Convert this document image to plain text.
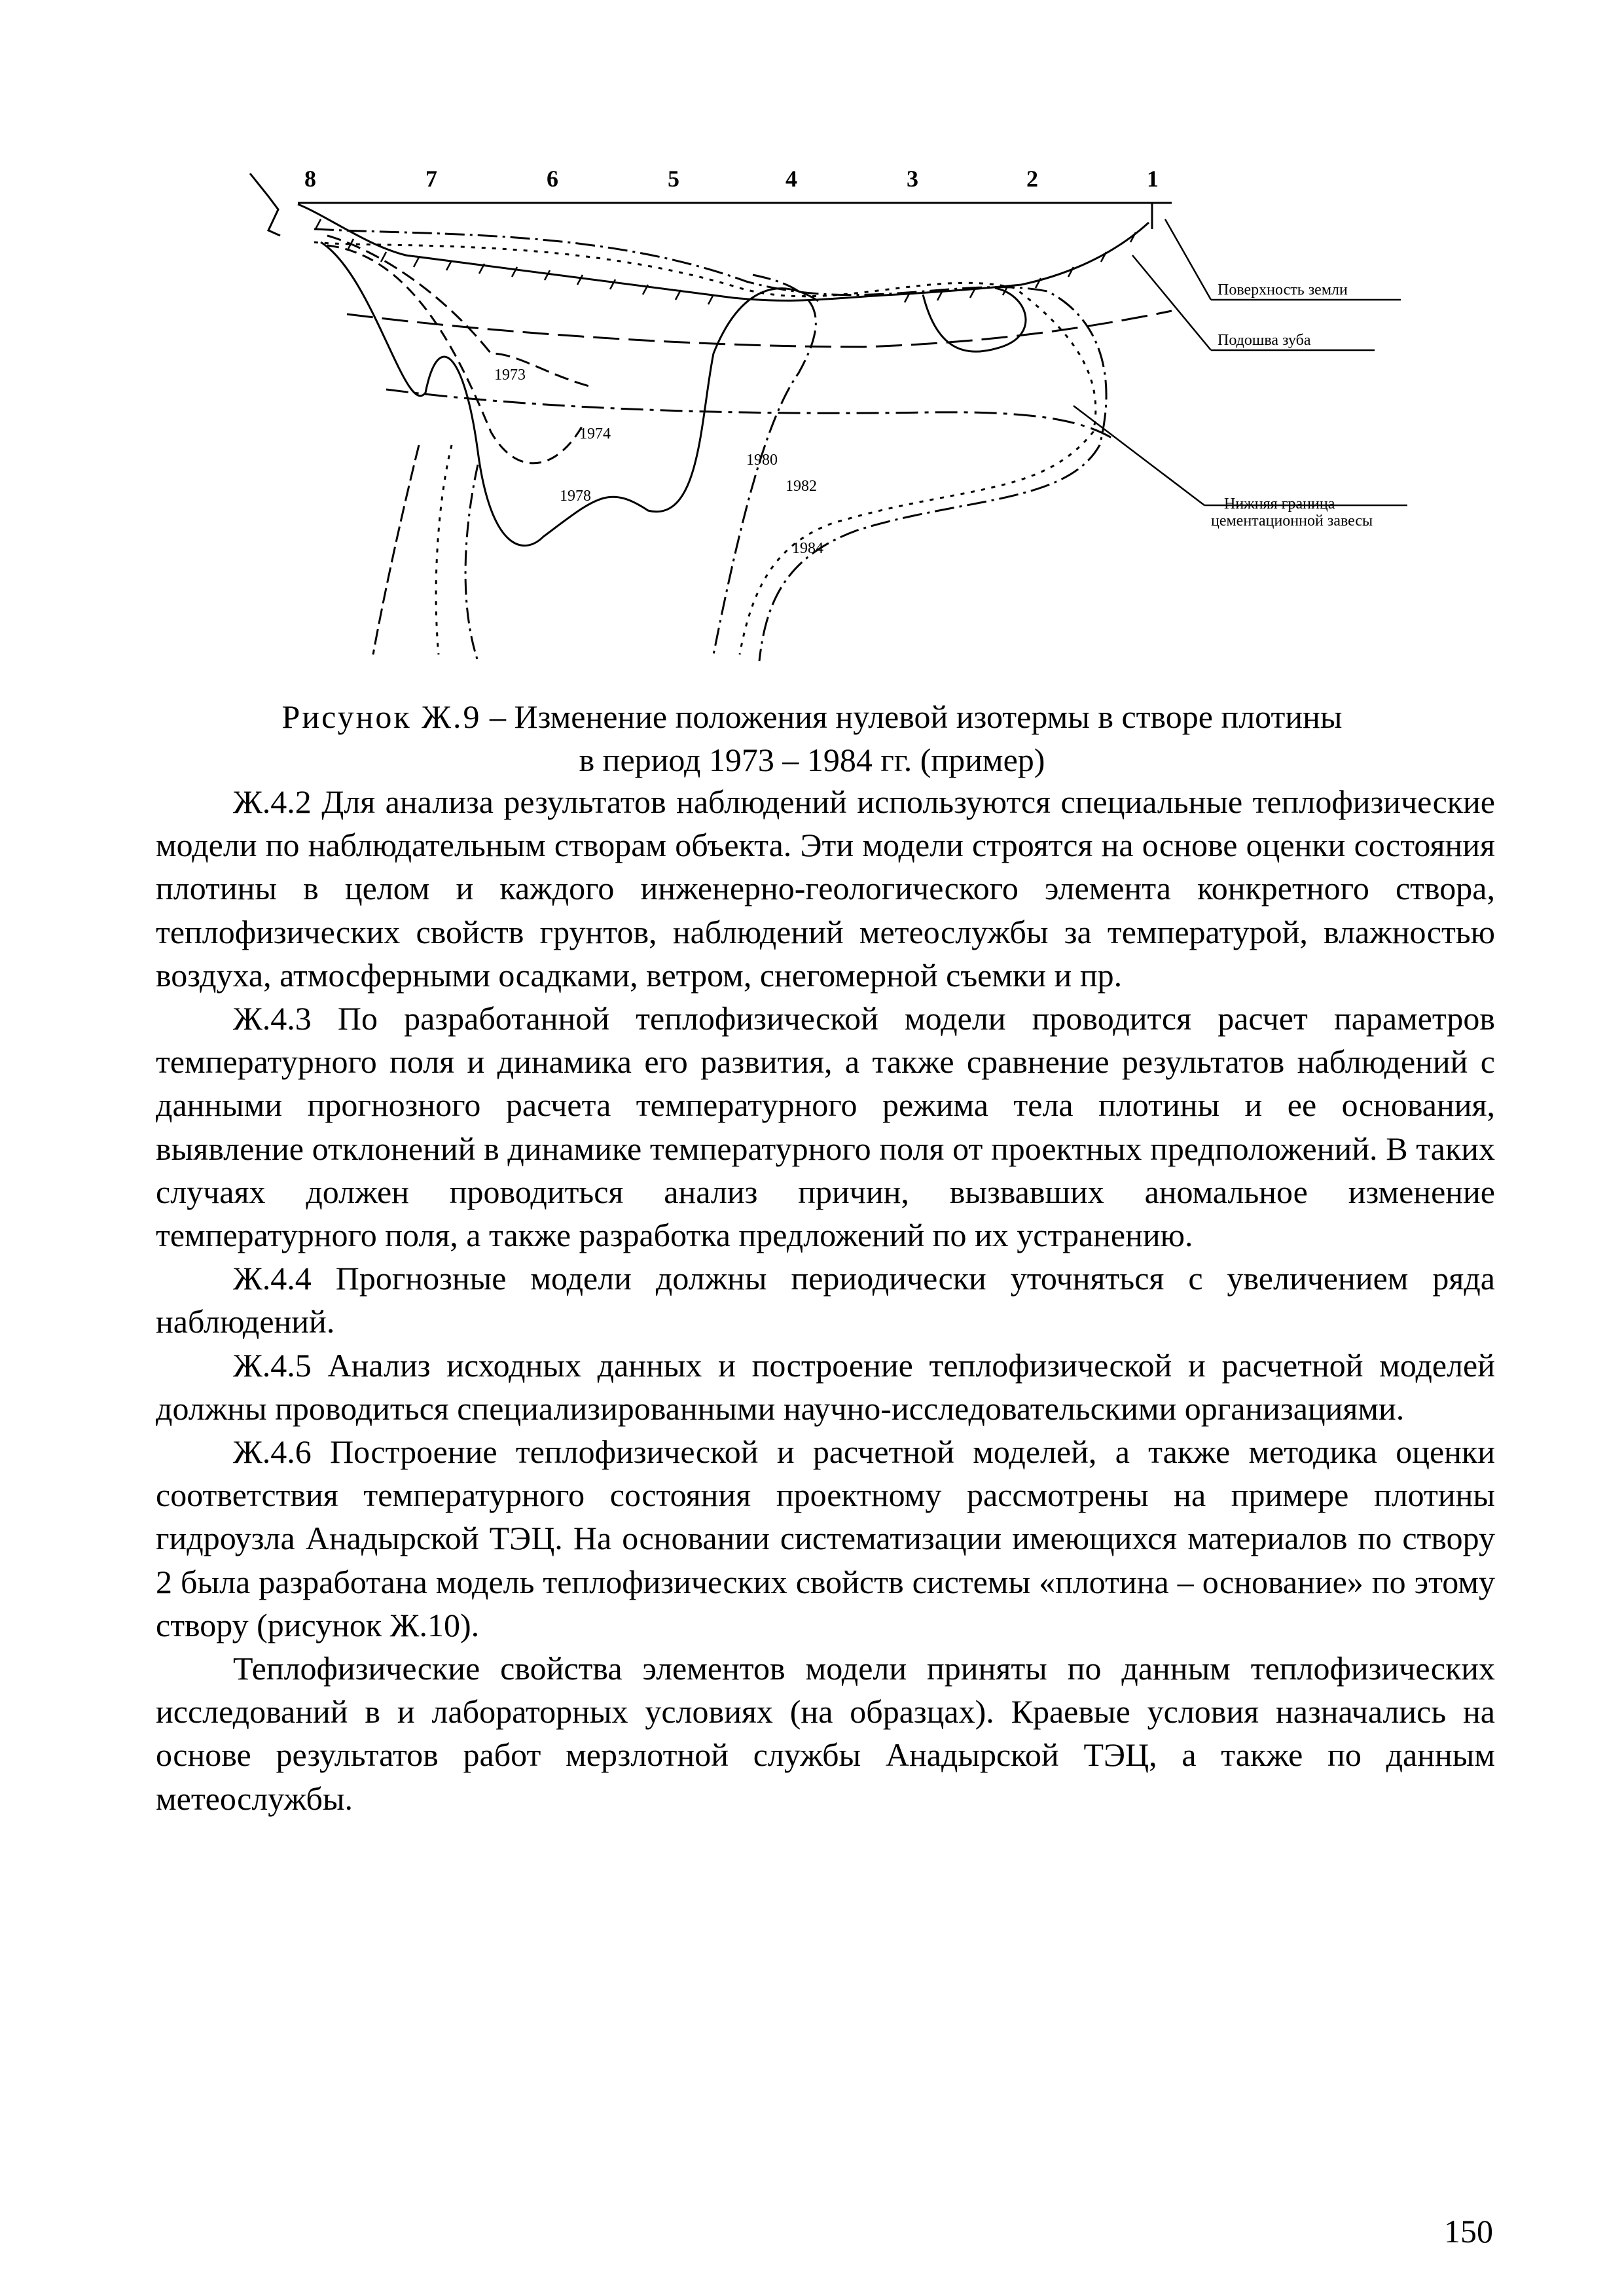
8	7	6	5	4	3	2	1
Поверхность земли
Подошва зуба
Нижняя граница
цементационной завесы
1973
1974
1978
1980
1982
1984
Рисунок Ж.9 – Изменение положения нулевой изотермы в створе плотины
в период 1973 – 1984 гг. (пример)

Ж.4.2 Для анализа результатов наблюдений используются специальные теплофизические модели по наблюдательным створам объекта. Эти модели строятся на основе оценки состояния плотины в целом и каждого инженерно-геологического элемента конкретного створа, теплофизических свойств грунтов, наблюдений метеослужбы за температурой, влажностью воздуха, атмосферными осадками, ветром, снегомерной съемки и пр.

Ж.4.3 По разработанной теплофизической модели проводится расчет параметров температурного поля и динамика его развития, а также сравнение результатов наблюдений с данными прогнозного расчета температурного режима тела плотины и ее основания, выявление отклонений в динамике температурного поля от проектных предположений. В таких случаях должен проводиться анализ причин, вызвавших аномальное изменение температурного поля, а также разработка предложений по их устранению.

Ж.4.4 Прогнозные модели должны периодически уточняться с увеличением ряда наблюдений.

Ж.4.5 Анализ исходных данных и построение теплофизической и расчетной моделей должны проводиться специализированными научно-исследовательскими организациями.

Ж.4.6 Построение теплофизической и расчетной моделей, а также методика оценки соответствия температурного состояния проектному рассмотрены на примере плотины гидроузла Анадырской ТЭЦ. На основании систематизации имеющихся материалов по створу 2 была разработана модель теплофизических свойств системы «плотина – основание» по этому створу (рисунок Ж.10).

Теплофизические свойства элементов модели приняты по данным теплофизических исследований в и лабораторных условиях (на образцах). Краевые условия назначались на основе результатов работ мерзлотной службы Анадырской ТЭЦ, а также по данным метеослужбы.

150
